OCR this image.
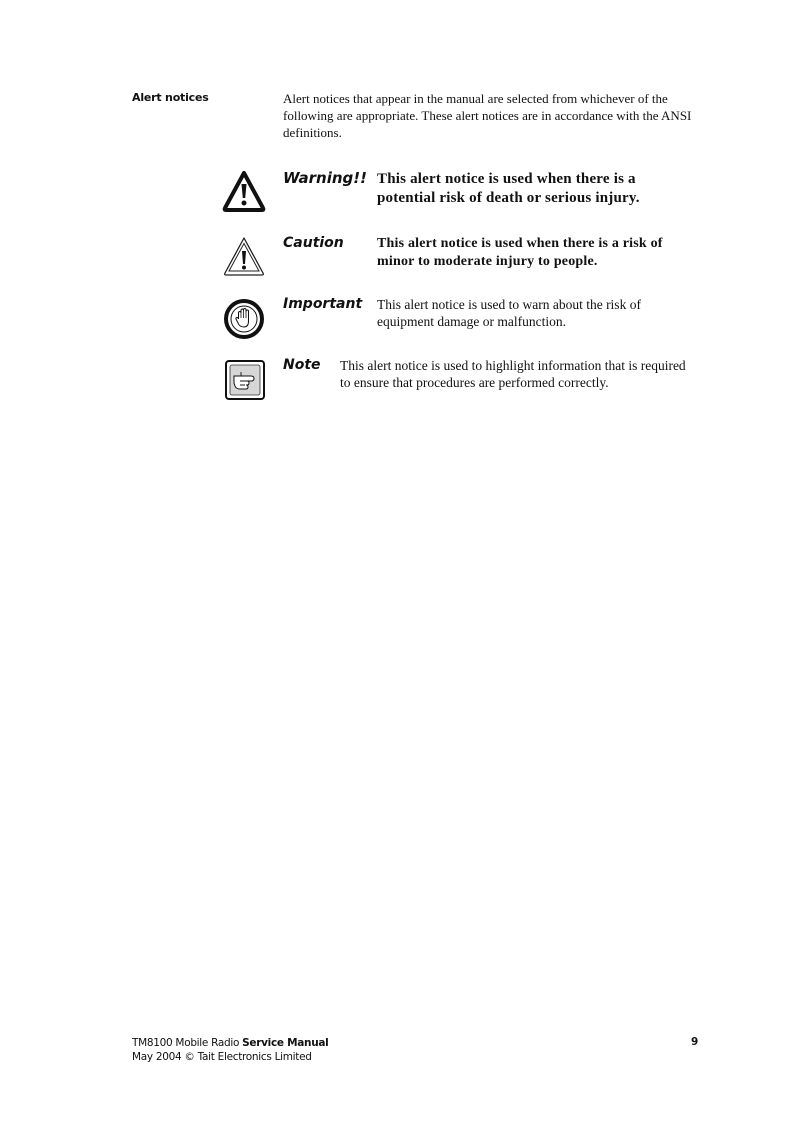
Alert notices	Alert notices that appear in the manual are selected from whichever of the following are appropriate. These alert notices are in accordance with the ANSI definitions.

Warning!! This alert notice is used when there is a potential risk of death or serious injury.

Caution This alert notice is used when there is a risk of minor to moderate injury to people.

Important This alert notice is used to warn about the risk of equipment damage or malfunction.

Note This alert notice is used to highlight information that is required to ensure that procedures are performed correctly.

TM8100 Mobile Radio Service Manual
May 2004 © Tait Electronics Limited
9
